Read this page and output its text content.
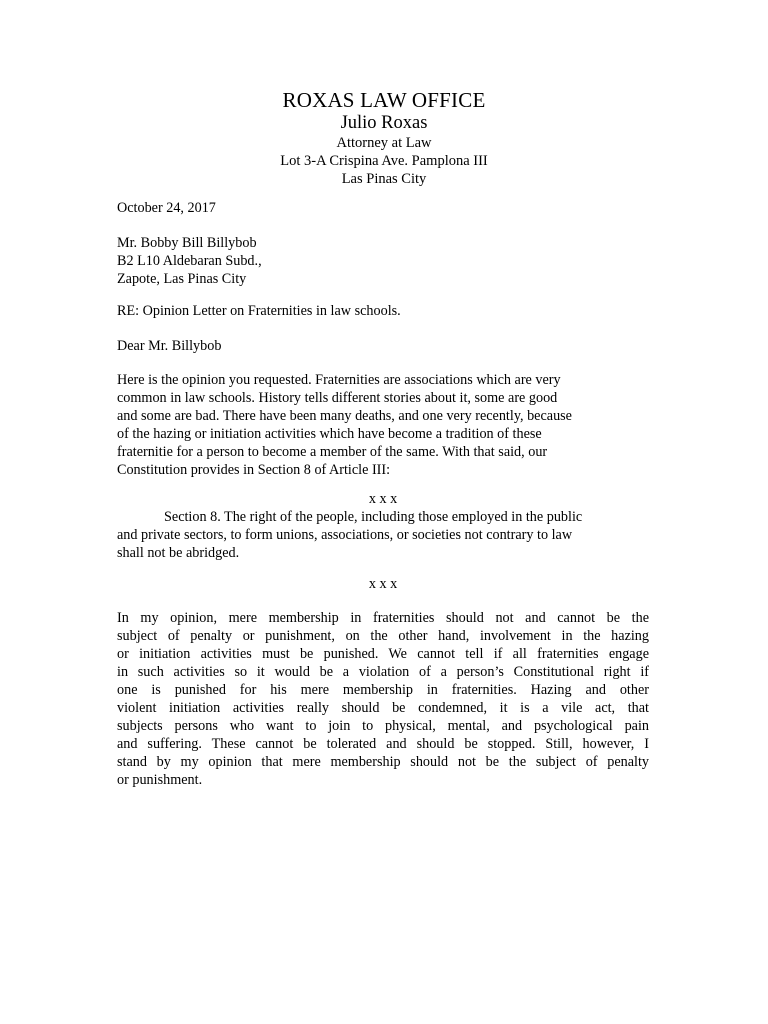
ROXAS LAW OFFICE
Julio Roxas
Attorney at Law
Lot 3-A Crispina Ave. Pamplona III
Las Pinas City
October 24, 2017
Mr. Bobby Bill Billybob
B2 L10 Aldebaran Subd.,
Zapote, Las Pinas City
RE: Opinion Letter on Fraternities in law schools.
Dear Mr. Billybob
Here is the opinion you requested. Fraternities are associations which are very
common in law schools. History tells different stories about it, some are good
and some are bad. There have been many deaths, and one very recently, because
of the hazing or initiation activities which have become a tradition of these
fraternitie for a person to become a member of the same. With that said, our
Constitution provides in Section 8 of Article III:
x x x
Section 8. The right of the people, including those employed in the public
and private sectors, to form unions, associations, or societies not contrary to law
shall not be abridged.
x x x
In my opinion, mere membership in fraternities should not and cannot be the
subject of penalty or punishment, on the other hand, involvement in the hazing
or initiation activities must be punished. We cannot tell if all fraternities engage
in such activities so it would be a violation of a person’s Constitutional right if
one is punished for his mere membership in fraternities. Hazing and other
violent initiation activities really should be condemned, it is a vile act, that
subjects persons who want to join to physical, mental, and psychological pain
and suffering. These cannot be tolerated and should be stopped. Still, however, I
stand by my opinion that mere membership should not be the subject of penalty
or punishment.
